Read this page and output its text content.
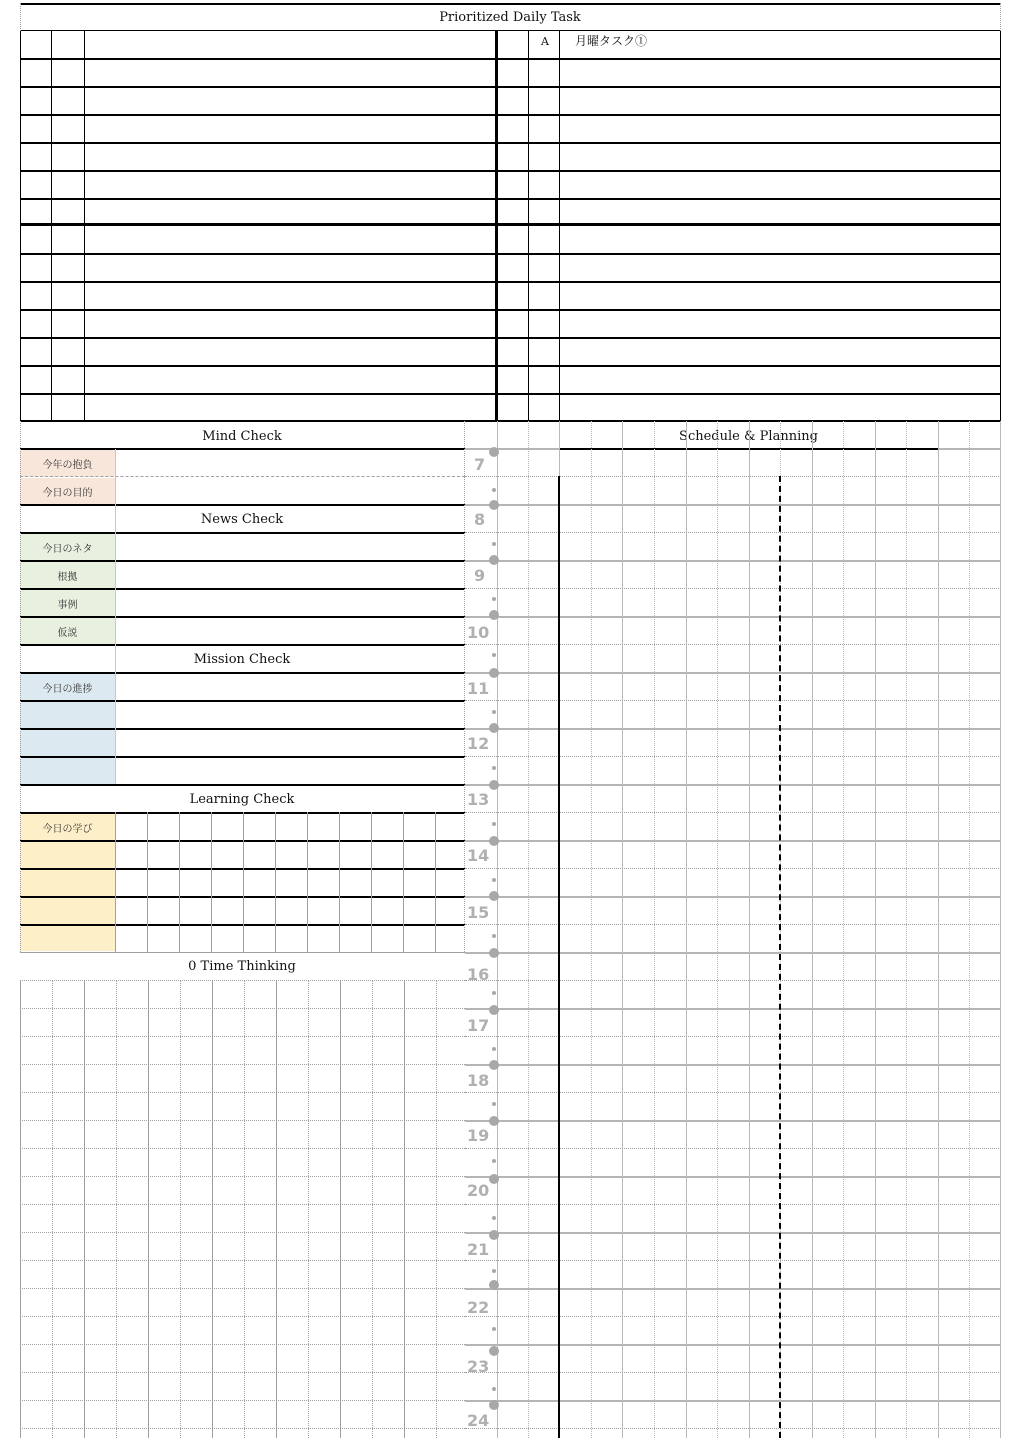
Prioritized Daily Task
A 月曜タスク①
Mind Check
News Check
Mission Check
Learning Check
0 Time Thinking
Schedule & Planning
今年の抱負
今日の目的
今日のネタ
根拠
事例
仮説
今日の進捗
今日の学び
7
8
9
10
11
12
13
14
15
16
17
18
19
20
21
22
23
24
